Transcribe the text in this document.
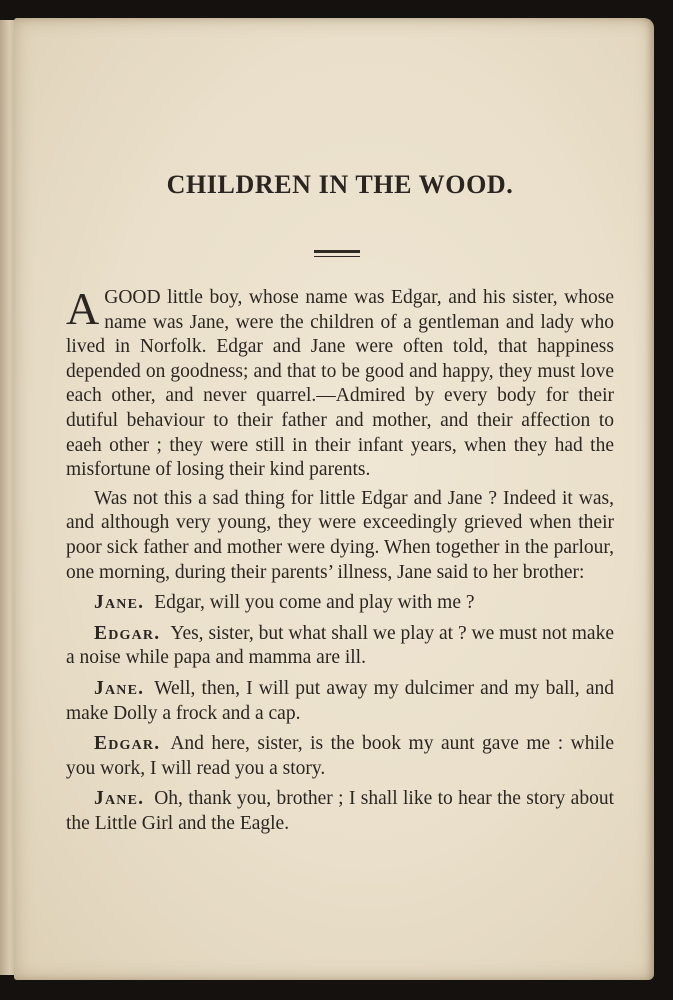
CHILDREN IN THE WOOD.

AGOOD little boy, whose name was Edgar, and his sister, whose name was Jane, were the children of a gentleman and lady who lived in Norfolk. Edgar and Jane were often told, that happiness depended on goodness; and that to be good and happy, they must love each other, and never quarrel.—Admired by every body for their dutiful behaviour to their father and mother, and their affection to eaeh other ; they were still in their infant years, when they had the misfortune of losing their kind parents.

Was not this a sad thing for little Edgar and Jane ? Indeed it was, and although very young, they were exceedingly grieved when their poor sick father and mother were dying. When together in the parlour, one morning, during their parents’ illness, Jane said to her brother:

Jane. Edgar, will you come and play with me ?

Edgar. Yes, sister, but what shall we play at ? we must not make a noise while papa and mamma are ill.

Jane. Well, then, I will put away my dulcimer and my ball, and make Dolly a frock and a cap.

Edgar. And here, sister, is the book my aunt gave me : while you work, I will read you a story.

Jane. Oh, thank you, brother ; I shall like to hear the story about the Little Girl and the Eagle.
